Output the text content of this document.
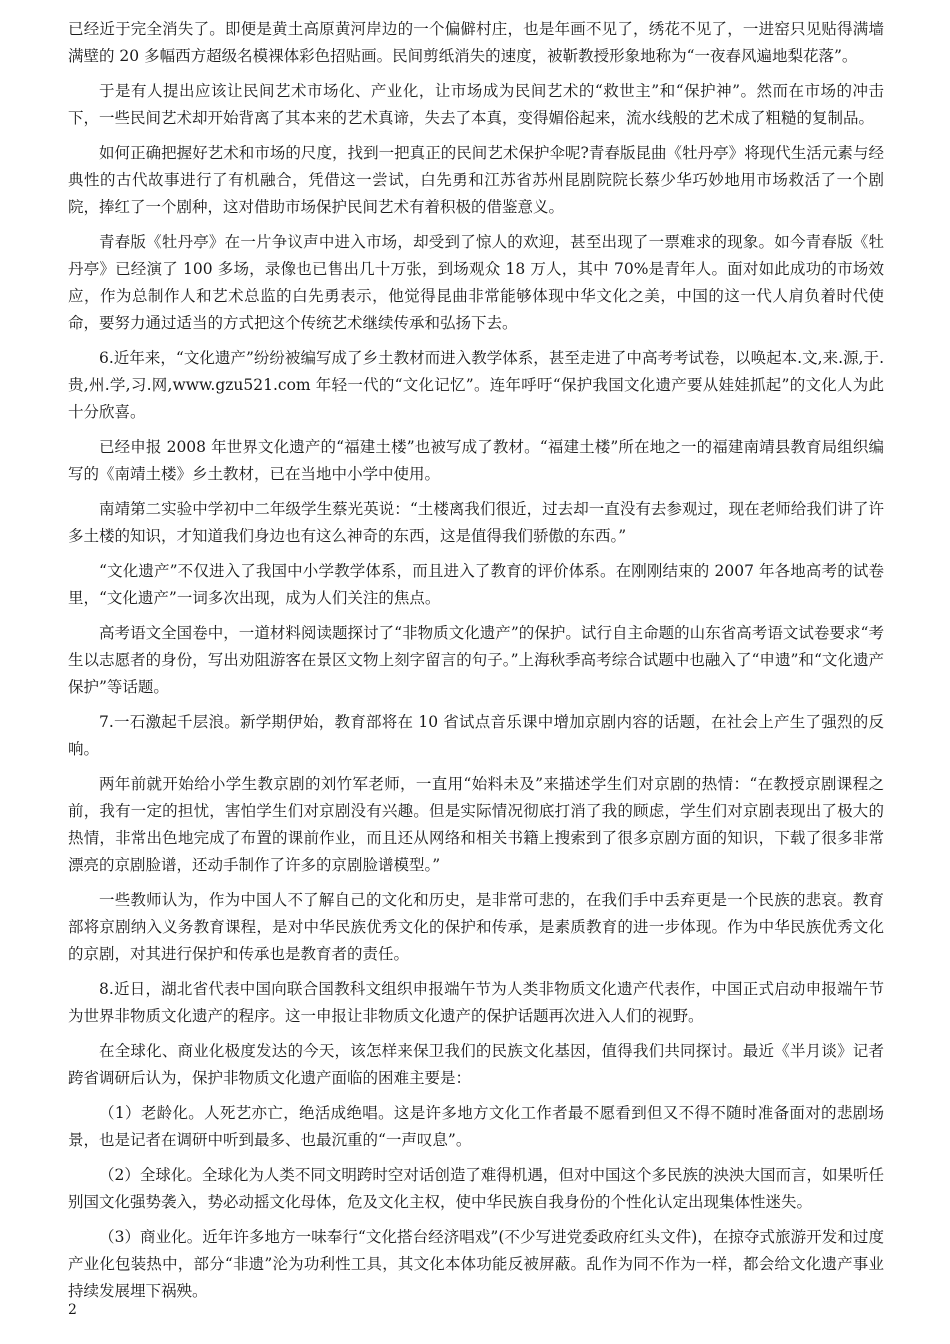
已经近于完全消失了。即便是黄土高原黄河岸边的一个偏僻村庄，也是年画不见了，绣花不见了，一进窑只见贴得满墙满壁的 20 多幅西方超级名模裸体彩色招贴画。民间剪纸消失的速度，被靳教授形象地称为“一夜春风遍地梨花落”。

于是有人提出应该让民间艺术市场化、产业化，让市场成为民间艺术的“救世主”和“保护神”。然而在市场的冲击下，一些民间艺术却开始背离了其本来的艺术真谛，失去了本真，变得媚俗起来，流水线般的艺术成了粗糙的复制品。

如何正确把握好艺术和市场的尺度，找到一把真正的民间艺术保护伞呢?青春版昆曲《牡丹亭》将现代生活元素与经典性的古代故事进行了有机融合，凭借这一尝试，白先勇和江苏省苏州昆剧院院长蔡少华巧妙地用市场救活了一个剧院，捧红了一个剧种，这对借助市场保护民间艺术有着积极的借鉴意义。

青春版《牡丹亭》在一片争议声中进入市场，却受到了惊人的欢迎，甚至出现了一票难求的现象。如今青春版《牡丹亭》已经演了 100 多场，录像也已售出几十万张，到场观众 18 万人，其中 70%是青年人。面对如此成功的市场效应，作为总制作人和艺术总监的白先勇表示，他觉得昆曲非常能够体现中华文化之美，中国的这一代人肩负着时代使命，要努力通过适当的方式把这个传统艺术继续传承和弘扬下去。

6.近年来，“文化遗产”纷纷被编写成了乡土教材而进入教学体系，甚至走进了中高考考试卷，以唤起本.文,来.源,于.贵,州.学,习.网,www.gzu521.com 年轻一代的“文化记忆”。连年呼吁“保护我国文化遗产要从娃娃抓起”的文化人为此十分欣喜。

已经申报 2008 年世界文化遗产的“福建土楼”也被写成了教材。“福建土楼”所在地之一的福建南靖县教育局组织编写的《南靖土楼》乡土教材，已在当地中小学中使用。

南靖第二实验中学初中二年级学生蔡光英说：“土楼离我们很近，过去却一直没有去参观过，现在老师给我们讲了许多土楼的知识，才知道我们身边也有这么神奇的东西，这是值得我们骄傲的东西。”

“文化遗产”不仅进入了我国中小学教学体系，而且进入了教育的评价体系。在刚刚结束的 2007 年各地高考的试卷里，“文化遗产”一词多次出现，成为人们关注的焦点。

高考语文全国卷中，一道材料阅读题探讨了“非物质文化遗产”的保护。试行自主命题的山东省高考语文试卷要求“考生以志愿者的身份，写出劝阻游客在景区文物上刻字留言的句子。”上海秋季高考综合试题中也融入了“申遗”和“文化遗产保护”等话题。

7.一石激起千层浪。新学期伊始，教育部将在 10 省试点音乐课中增加京剧内容的话题，在社会上产生了强烈的反响。

两年前就开始给小学生教京剧的刘竹军老师，一直用“始料未及”来描述学生们对京剧的热情：“在教授京剧课程之前，我有一定的担忧，害怕学生们对京剧没有兴趣。但是实际情况彻底打消了我的顾虑，学生们对京剧表现出了极大的热情，非常出色地完成了布置的课前作业，而且还从网络和相关书籍上搜索到了很多京剧方面的知识，下载了很多非常漂亮的京剧脸谱，还动手制作了许多的京剧脸谱模型。”

一些教师认为，作为中国人不了解自己的文化和历史，是非常可悲的，在我们手中丢弃更是一个民族的悲哀。教育部将京剧纳入义务教育课程，是对中华民族优秀文化的保护和传承，是素质教育的进一步体现。作为中华民族优秀文化的京剧，对其进行保护和传承也是教育者的责任。

8.近日，湖北省代表中国向联合国教科文组织申报端午节为人类非物质文化遗产代表作，中国正式启动申报端午节为世界非物质文化遗产的程序。这一申报让非物质文化遗产的保护话题再次进入人们的视野。

在全球化、商业化极度发达的今天，该怎样来保卫我们的民族文化基因，值得我们共同探讨。最近《半月谈》记者跨省调研后认为，保护非物质文化遗产面临的困难主要是：

（1）老龄化。人死艺亦亡，绝活成绝唱。这是许多地方文化工作者最不愿看到但又不得不随时准备面对的悲剧场景，也是记者在调研中听到最多、也最沉重的“一声叹息”。

（2）全球化。全球化为人类不同文明跨时空对话创造了难得机遇，但对中国这个多民族的泱泱大国而言，如果听任别国文化强势袭入，势必动摇文化母体，危及文化主权，使中华民族自我身份的个性化认定出现集体性迷失。

（3）商业化。近年许多地方一味奉行“文化搭台经济唱戏”(不少写进党委政府红头文件)，在掠夺式旅游开发和过度产业化包装热中，部分“非遗”沦为功利性工具，其文化本体功能反被屏蔽。乱作为同不作为一样，都会给文化遗产事业持续发展埋下祸殃。

2
